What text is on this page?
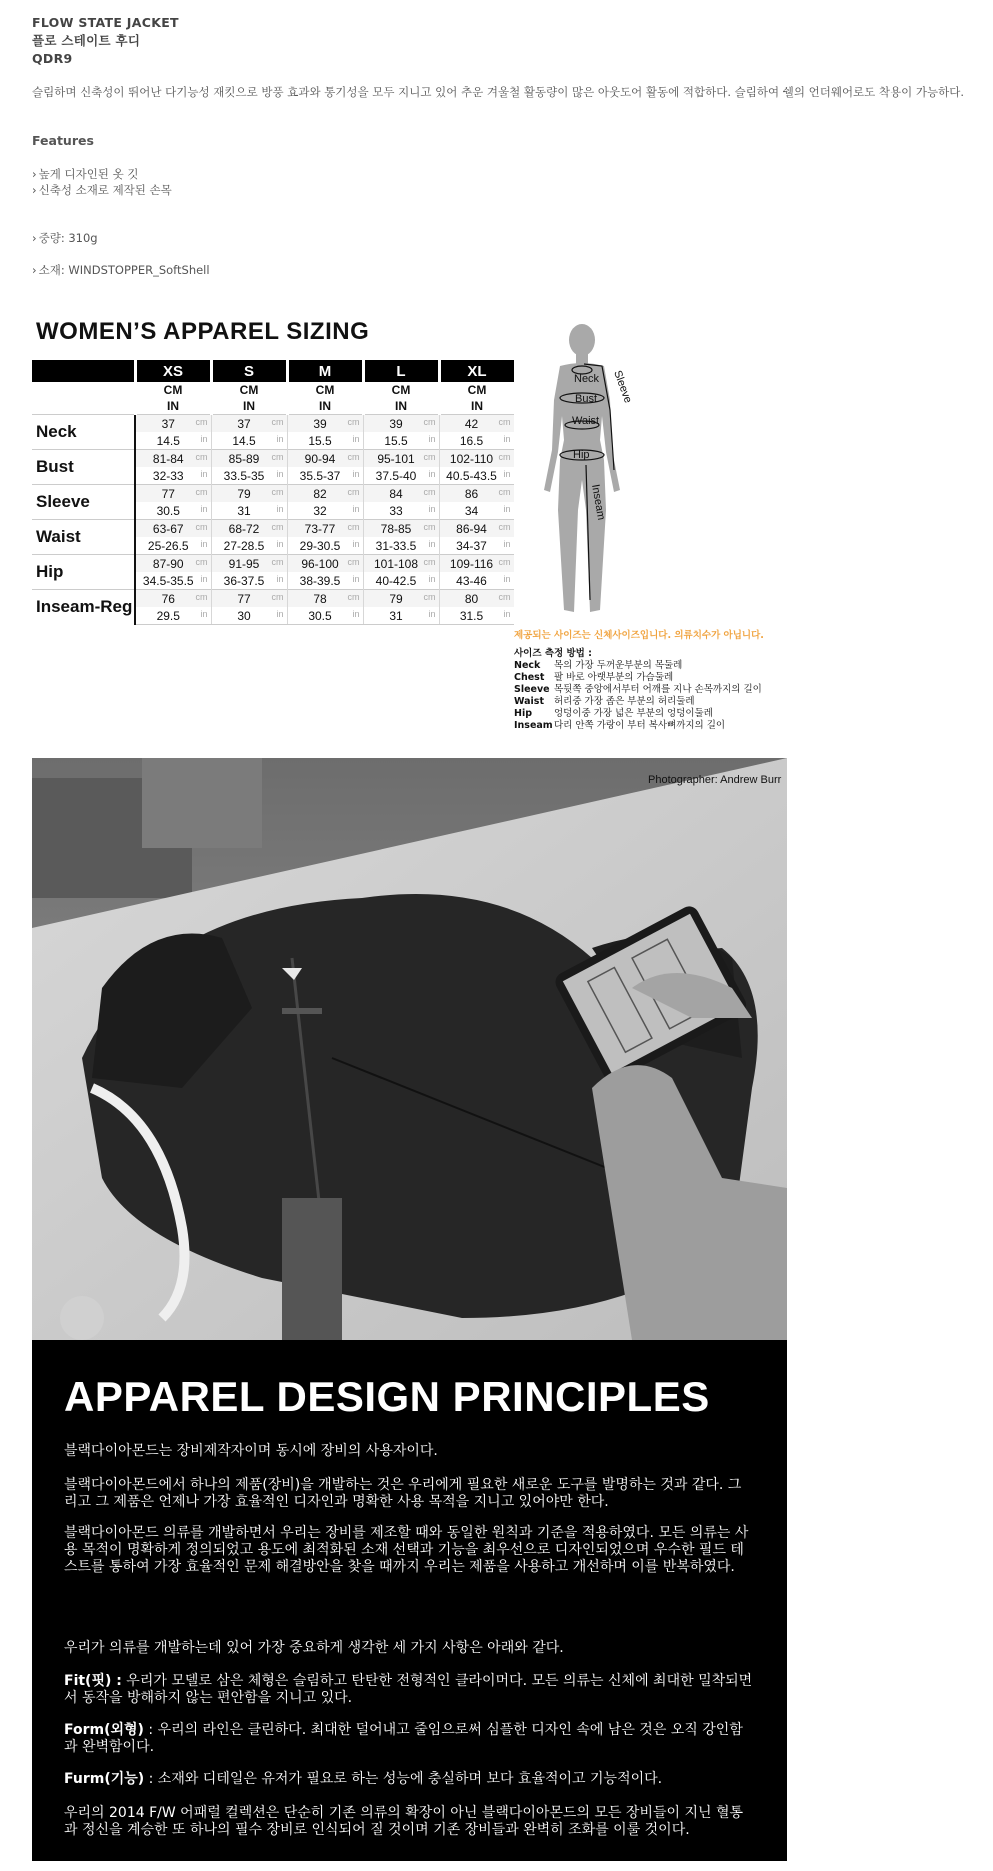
FLOW STATE JACKET
플로 스테이트 후디
QDR9
슬림하며 신축성이 뛰어난 다기능성 재킷으로 방풍 효과와 통기성을 모두 지니고 있어 추운 겨울철 활동량이 많은 아웃도어 활동에 적합하다. 슬림하여 쉘의 언더웨어로도 착용이 가능하다.
Features
› 높게 디자인된 옷 깃
› 신축성 소재로 제작된 손목
› 중량: 310g
› 소재: WINDSTOPPER_SoftShell
WOMEN’S APPAREL SIZING
	XS	S	M	L	XL
	CM	CM	CM	CM	CM
	IN	IN	IN	IN	IN
Neck	37 cm	37 cm	39 cm	39 cm	42 cm

	14.5 in	14.5 in	15.5 in	15.5 in	16.5 in

Bust	81-84 cm	85-89 cm	90-94 cm	95-101 cm	102-110 cm

	32-33 in	33.5-35 in	35.5-37 in	37.5-40 in	40.5-43.5 in

Sleeve	77 cm	79 cm	82 cm	84 cm	86 cm

	30.5 in	31 in	32 in	33 in	34 in

Waist	63-67 cm	68-72 cm	73-77 cm	78-85 cm	86-94 cm

	25-26.5 in	27-28.5 in	29-30.5 in	31-33.5 in	34-37 in

Hip	87-90 cm	91-95 cm	96-100 cm	101-108 cm	109-116 cm

	34.5-35.5 in	36-37.5 in	38-39.5 in	40-42.5 in	43-46 in

Inseam-Reg	76 cm	77 cm	78 cm	79 cm	80 cm

	29.5 in	30 in	30.5 in	31 in	31.5 in
Neck
Bust
Waist
Hip
Sleeve
Inseam
제공되는 사이즈는 신체사이즈입니다. 의류치수가 아닙니다.
사이즈 측정 방법 :
Neck 목의 가장 두꺼운부분의 목둘레
Chest 팔 바로 아랫부분의 가슴둘레
Sleeve 목뒷쪽 중앙에서부터 어깨를 지나 손목까지의 길이
Waist 허리중 가장 좁은 부분의 허리둘레
Hip 엉덩이중 가장 넓은 부분의 엉덩이둘레
Inseam다리 안쪽 가랑이 부터 복사뼈까지의 길이
Photographer: Andrew Burr
APPAREL DESIGN PRINCIPLES
블랙다이아몬드는 장비제작자이며 동시에 장비의 사용자이다.
블랙다이아몬드에서 하나의 제품(장비)을 개발하는 것은 우리에게 필요한 새로운 도구를 발명하는 것과 같다. 그리고 그 제품은 언제나 가장 효율적인 디자인과 명확한 사용 목적을 지니고 있어야만 한다.
블랙다이아몬드 의류를 개발하면서 우리는 장비를 제조할 때와 동일한 원칙과 기준을 적용하였다. 모든 의류는 사용 목적이 명확하게 정의되었고 용도에 최적화된 소재 선택과 기능을 최우선으로 디자인되었으며 우수한 필드 테스트를 통하여 가장 효율적인 문제 해결방안을 찾을 때까지 우리는 제품을 사용하고 개선하며 이를 반복하였다.
우리가 의류를 개발하는데 있어 가장 중요하게 생각한 세 가지 사항은 아래와 같다.
Fit(핏) : 우리가 모델로 삼은 체형은 슬림하고 탄탄한 전형적인 클라이머다. 모든 의류는 신체에 최대한 밀착되면서 동작을 방해하지 않는 편안함을 지니고 있다.
Form(외형) : 우리의 라인은 클린하다. 최대한 덜어내고 줄임으로써 심플한 디자인 속에 남은 것은 오직 강인함과 완벽함이다.
Furm(기능) : 소재와 디테일은 유저가 필요로 하는 성능에 충실하며 보다 효율적이고 기능적이다.
우리의 2014 F/W 어패럴 컬렉션은 단순히 기존 의류의 확장이 아닌 블랙다이아몬드의 모든 장비들이 지닌 혈통과 정신을 계승한 또 하나의 필수 장비로 인식되어 질 것이며 기존 장비들과 완벽히 조화를 이룰 것이다.
